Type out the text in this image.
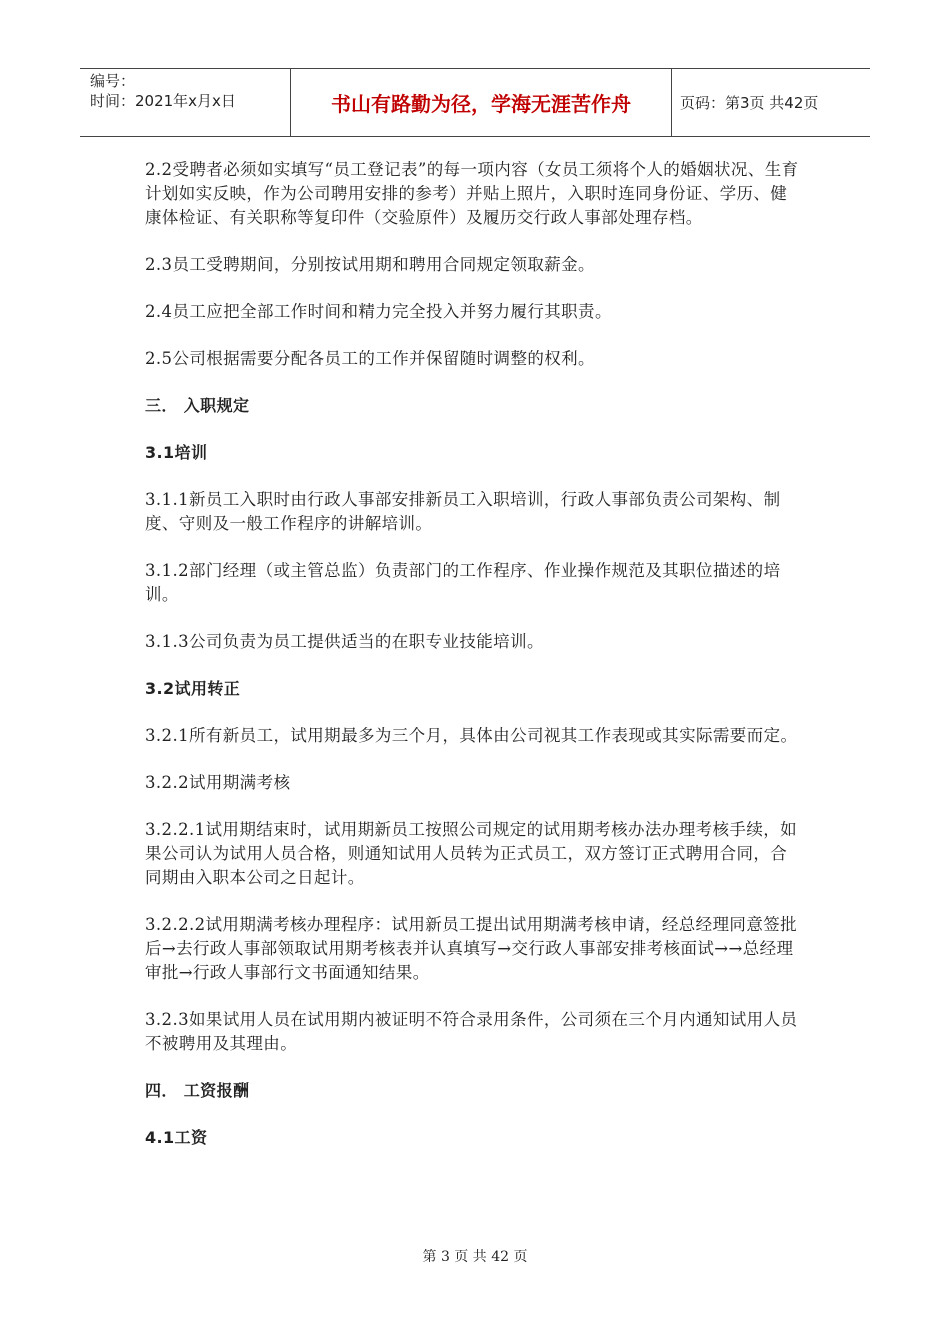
编号：
时间：2021年x月x日	书山有路勤为径，学海无涯苦作舟	页码：第3页 共42页

2.2受聘者必须如实填写“员工登记表”的每一项内容（女员工须将个人的婚姻状况、生育计划如实反映，作为公司聘用安排的参考）并贴上照片，入职时连同身份证、学历、健康体检证、有关职称等复印件（交验原件）及履历交行政人事部处理存档。

2.3员工受聘期间，分别按试用期和聘用合同规定领取薪金。

2.4员工应把全部工作时间和精力完全投入并努力履行其职责。

2.5公司根据需要分配各员工的工作并保留随时调整的权利。

三． 入职规定

3.1培训

3.1.1新员工入职时由行政人事部安排新员工入职培训，行政人事部负责公司架构、制度、守则及一般工作程序的讲解培训。

3.1.2部门经理（或主管总监）负责部门的工作程序、作业操作规范及其职位描述的培训。

3.1.3公司负责为员工提供适当的在职专业技能培训。

3.2试用转正

3.2.1所有新员工，试用期最多为三个月，具体由公司视其工作表现或其实际需要而定。

3.2.2试用期满考核

3.2.2.1试用期结束时，试用期新员工按照公司规定的试用期考核办法办理考核手续，如果公司认为试用人员合格，则通知试用人员转为正式员工，双方签订正式聘用合同，合同期由入职本公司之日起计。

3.2.2.2试用期满考核办理程序：试用新员工提出试用期满考核申请，经总经理同意签批后→去行政人事部领取试用期考核表并认真填写→交行政人事部安排考核面试→→总经理审批→行政人事部行文书面通知结果。

3.2.3如果试用人员在试用期内被证明不符合录用条件，公司须在三个月内通知试用人员不被聘用及其理由。

四． 工资报酬

4.1工资

第 3 页 共 42 页
